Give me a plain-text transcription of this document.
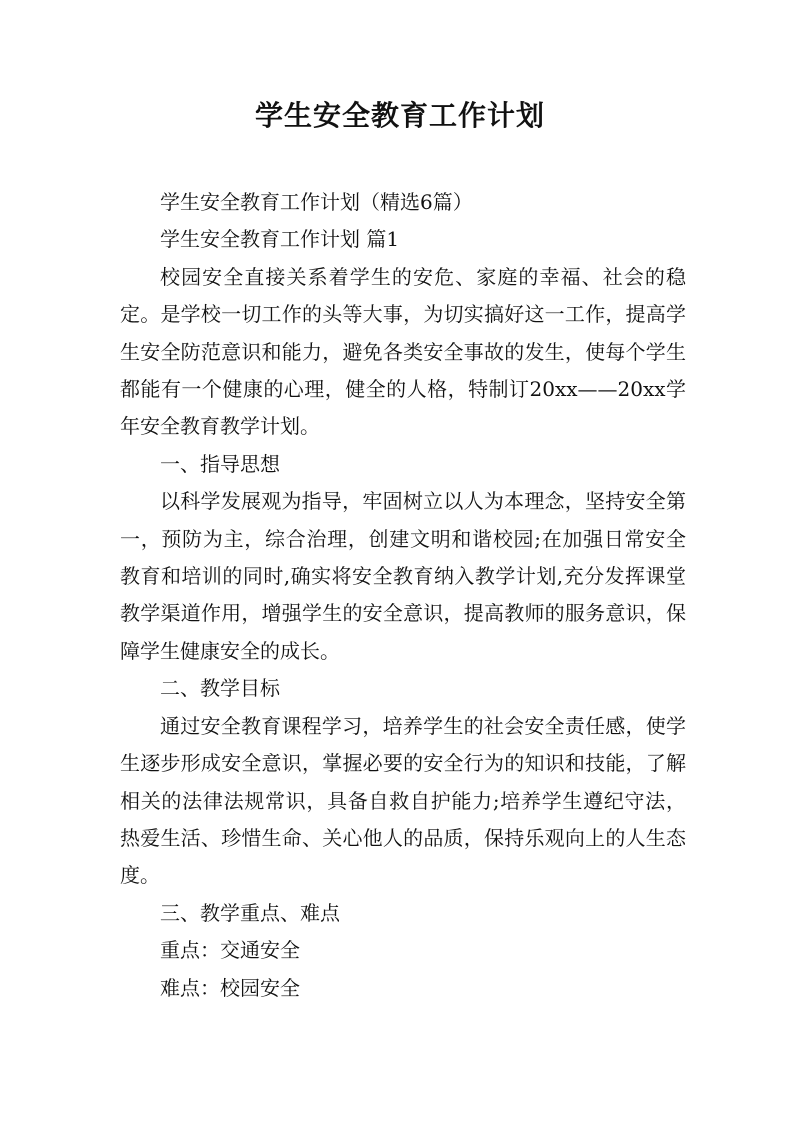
学生安全教育工作计划

学生安全教育工作计划（精选6篇）

学生安全教育工作计划 篇1

校园安全直接关系着学生的安危、家庭的幸福、社会的稳定。是学校一切工作的头等大事，为切实搞好这一工作，提高学生安全防范意识和能力，避免各类安全事故的发生，使每个学生都能有一个健康的心理，健全的人格，特制订20xx——20xx学年安全教育教学计划。

一、指导思想

以科学发展观为指导，牢固树立以人为本理念，坚持安全第一，预防为主，综合治理，创建文明和谐校园;在加强日常安全教育和培训的同时,确实将安全教育纳入教学计划,充分发挥课堂教学渠道作用，增强学生的安全意识，提高教师的服务意识，保障学生健康安全的成长。

二、教学目标

通过安全教育课程学习，培养学生的社会安全责任感，使学生逐步形成安全意识，掌握必要的安全行为的知识和技能，了解相关的法律法规常识，具备自救自护能力;培养学生遵纪守法，热爱生活、珍惜生命、关心他人的品质，保持乐观向上的人生态度。

三、教学重点、难点

重点：交通安全

难点：校园安全
